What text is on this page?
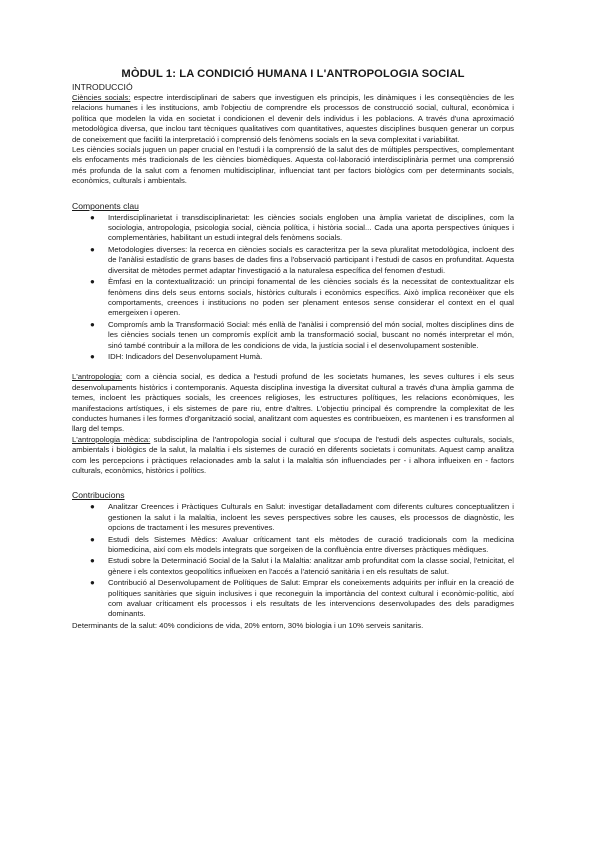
MÒDUL 1: LA CONDICIÓ HUMANA I L'ANTROPOLOGIA SOCIAL
INTRODUCCIÓ

Ciències socials: espectre interdisciplinari de sabers que investiguen els principis, les dinàmiques i les conseqüències de les relacions humanes i les institucions, amb l'objectiu de comprendre els processos de construcció social, cultural, econòmica i política que modelen la vida en societat i condicionen el devenir dels individus i les poblacions. A través d'una aproximació metodològica diversa, que inclou tant tècniques qualitatives com quantitatives, aquestes disciplines busquen generar un corpus de coneixement que faciliti la interpretació i comprensió dels fenòmens socials en la seva complexitat i variabilitat.

Les ciències socials juguen un paper crucial en l'estudi i la comprensió de la salut des de múltiples perspectives, complementant els enfocaments més tradicionals de les ciències biomèdiques. Aquesta col·laboració interdisciplinària permet una comprensió més profunda de la salut com a fenomen multidisciplinar, influenciat tant per factors biològics com per determinants socials, econòmics, culturals i ambientals.

Components clau
● Interdisciplinarietat i transdisciplinarietat: les ciències socials engloben una àmplia varietat de disciplines, com la sociologia, antropologia, psicologia social, ciència política, i història social... Cada una aporta perspectives úniques i complementàries, habilitant un estudi integral dels fenòmens socials.
● Metodologies diverses: la recerca en ciències socials es caracteritza per la seva pluralitat metodològica, incloent des de l'anàlisi estadístic de grans bases de dades fins a l'observació participant i l'estudi de casos en profunditat. Aquesta diversitat de mètodes permet adaptar l'investigació a la naturalesa específica del fenomen d'estudi.
● Èmfasi en la contextualització: un principi fonamental de les ciències socials és la necessitat de contextualitzar els fenòmens dins dels seus entorns socials, històrics culturals i econòmics específics. Això implica reconèixer que els comportaments, creences i institucions no poden ser plenament entesos sense considerar el context en el qual emergeixen i operen.
● Compromís amb la Transformació Social: més enllà de l'anàlisi i comprensió del món social, moltes disciplines dins de les ciències socials tenen un compromís explícit amb la transformació social, buscant no només interpretar el món, sinó també contribuir a la millora de les condicions de vida, la justícia social i el desenvolupament sostenible.
● IDH: Indicadors del Desenvolupament Humà.

L'antropologia: com a ciència social, es dedica a l'estudi profund de les societats humanes, les seves cultures i els seus desenvolupaments històrics i contemporanis. Aquesta disciplina investiga la diversitat cultural a través d'una àmplia gamma de temes, incloent les pràctiques socials, les creences religioses, les estructures polítiques, les relacions econòmiques, les manifestacions artístiques, i els sistemes de pare riu, entre d'altres. L'objectiu principal és comprendre la complexitat de les conductes humanes i les formes d'organització social, analitzant com aquestes es contribueixen, es mantenen i es transformen al llarg del temps.

L'antropologia mèdica: subdisciplina de l'antropologia social i cultural que s'ocupa de l'estudi dels aspectes culturals, socials, ambientals i biològics de la salut, la malaltia i els sistemes de curació en diferents societats i comunitats. Aquest camp analitza com les percepcions i pràctiques relacionades amb la salut i la malaltia són influenciades per - i alhora influeixen en - factors culturals, econòmics, històrics i polítics.

Contribucions
● Analitzar Creences i Pràctiques Culturals en Salut: investigar detalladament com diferents cultures conceptualitzen i gestionen la salut i la malaltia, incloent les seves perspectives sobre les causes, els processos de diagnòstic, les opcions de tractament i les mesures preventives.
● Estudi dels Sistemes Mèdics: Avaluar críticament tant els mètodes de curació tradicionals com la medicina biomedicina, així com els models integrats que sorgeixen de la confluència entre diverses pràctiques mèdiques.
● Estudi sobre la Determinació Social de la Salut i la Malaltia: analitzar amb profunditat com la classe social, l'etnicitat, el gènere i els contextos geopolítics influeixen en l'accés a l'atenció sanitària i en els resultats de salut.
● Contribució al Desenvolupament de Polítiques de Salut: Emprar els coneixements adquirits per influir en la creació de polítiques sanitàries que siguin inclusives i que reconeguin la importància del context cultural i econòmic-polític, així com avaluar críticament els processos i els resultats de les intervencions desenvolupades des dels paradigmes dominants.
Determinants de la salut: 40% condicions de vida, 20% entorn, 30% biologia i un 10% serveis sanitaris.
